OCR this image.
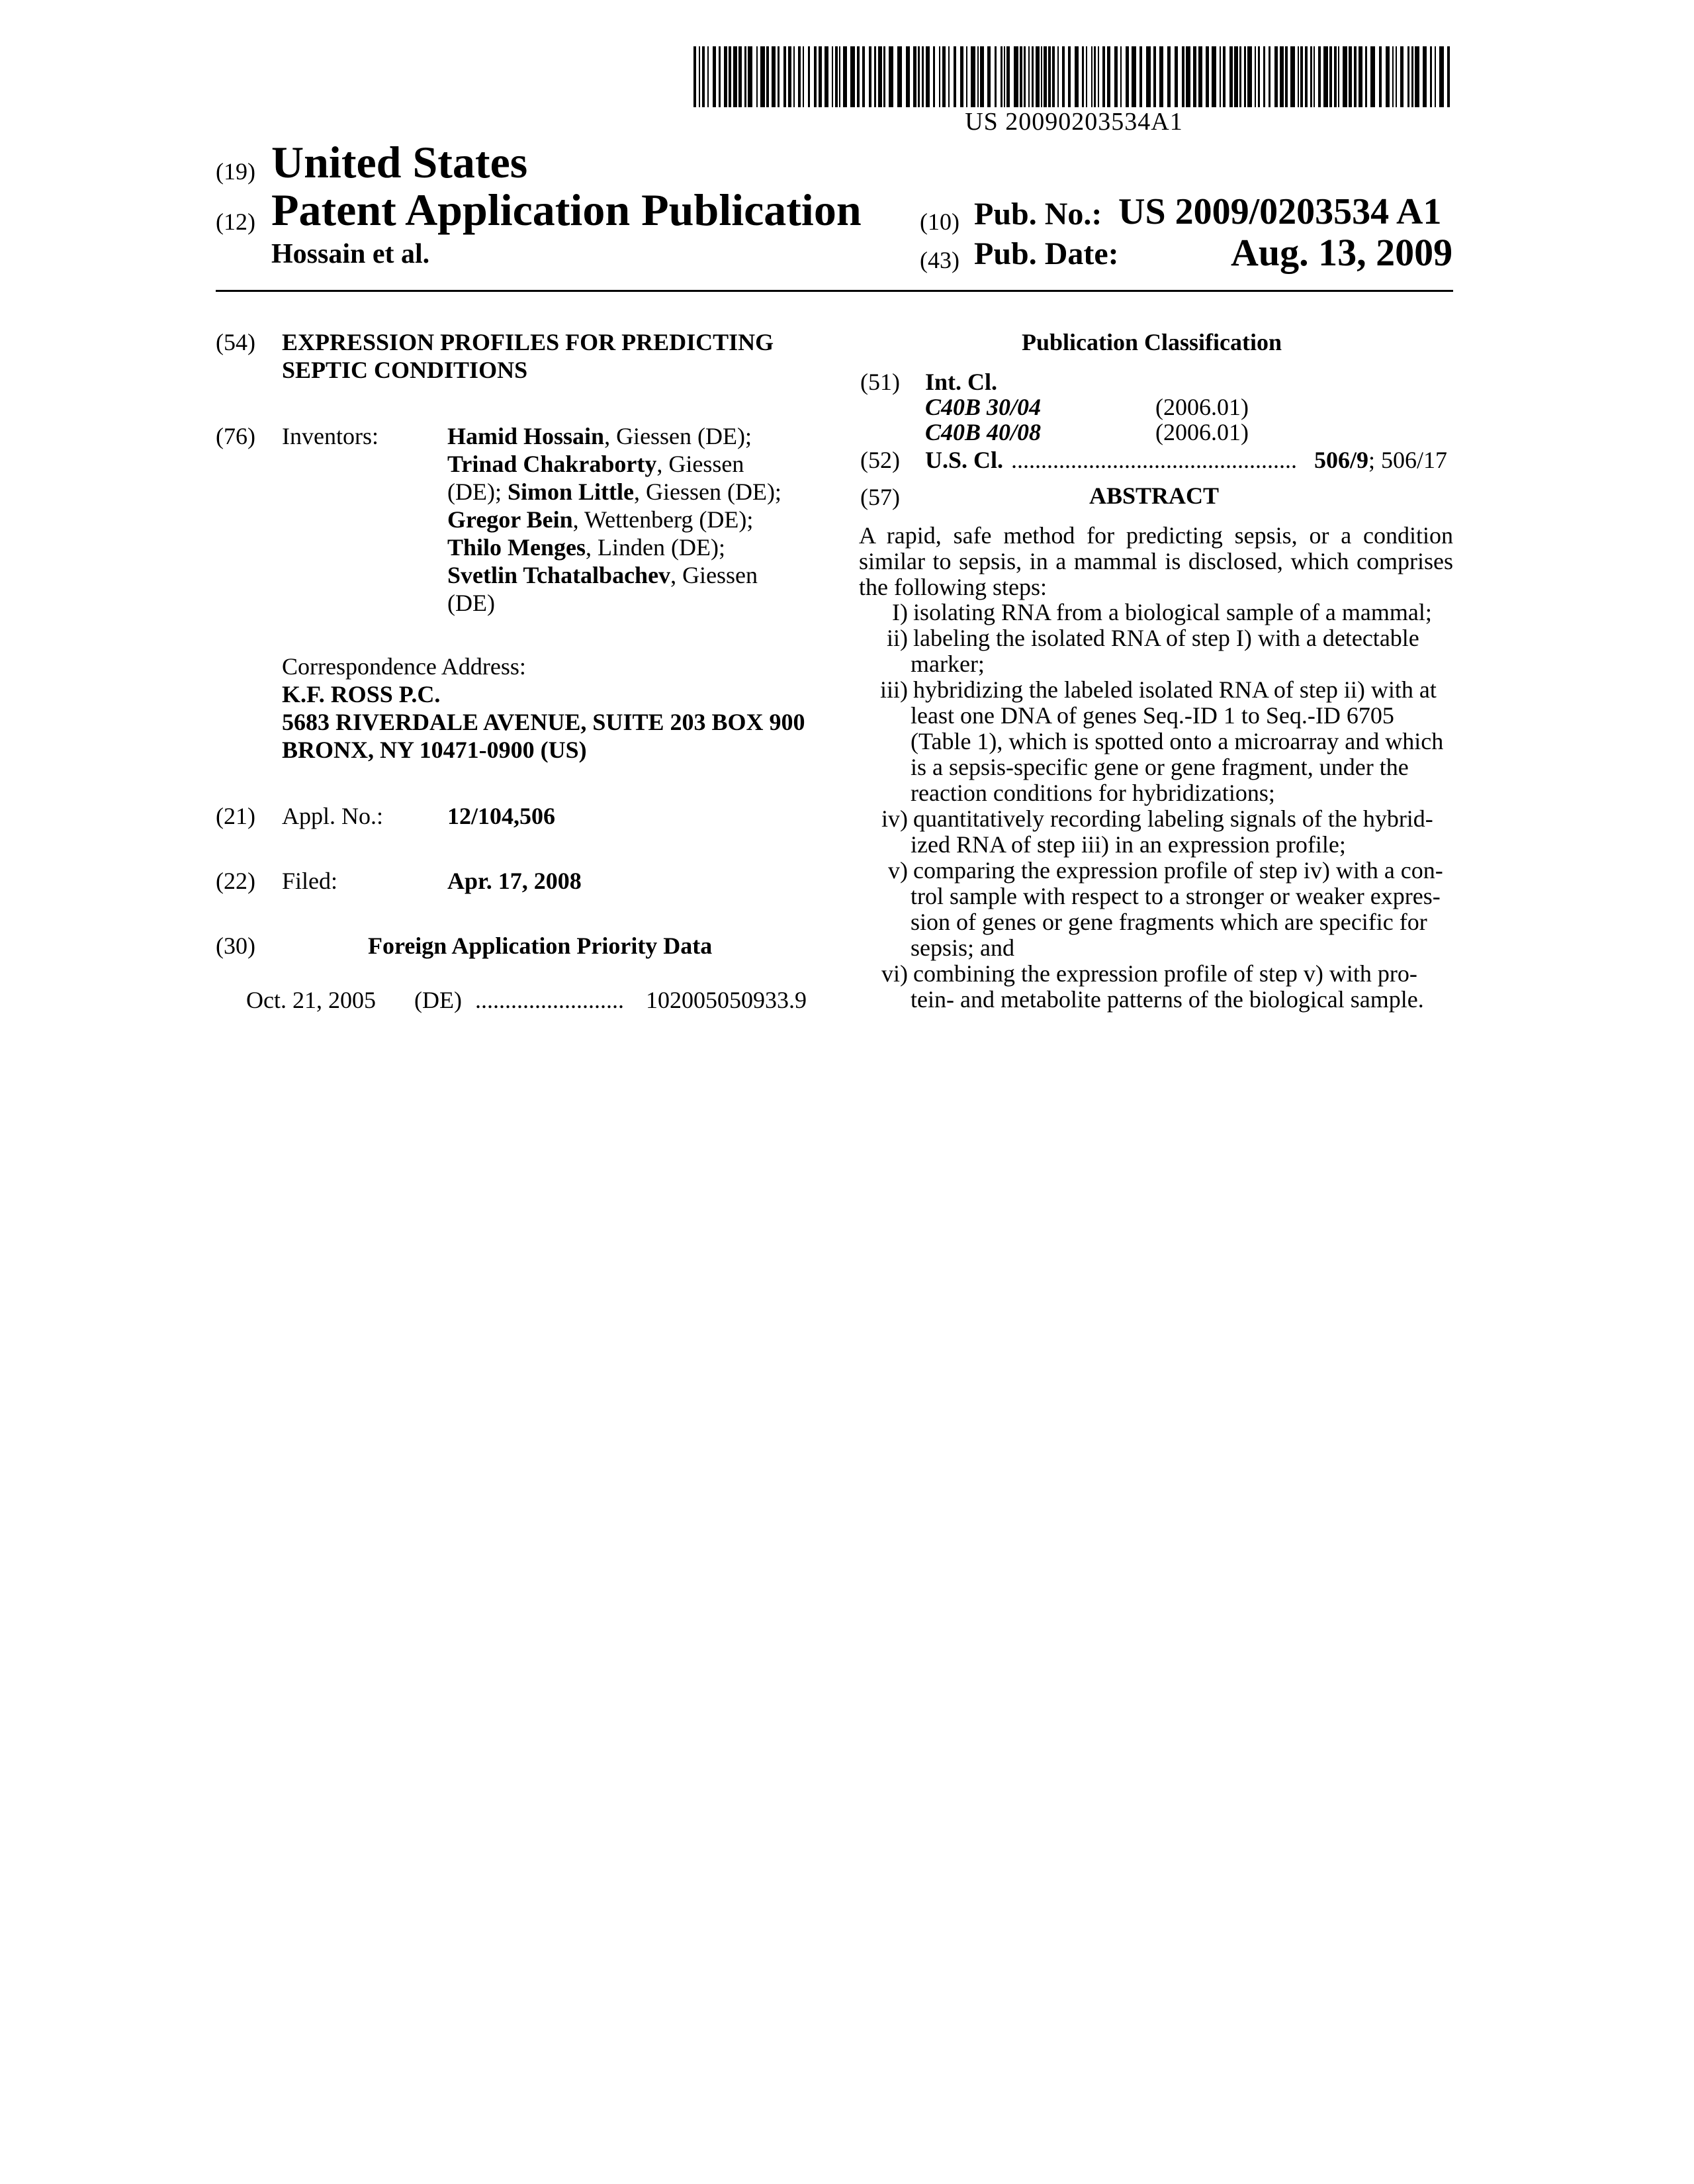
US 20090203534A1
(19) United States
(12) Patent Application Publication
Hossain et al.
(10) Pub. No.: US 2009/0203534 A1
(43) Pub. Date:	Aug. 13, 2009
(54) EXPRESSION PROFILES FOR PREDICTING
SEPTIC CONDITIONS
(76) Inventors:	Hamid Hossain, Giessen (DE);
Trinad Chakraborty, Giessen
(DE); Simon Little, Giessen (DE);
Gregor Bein, Wettenberg (DE);
Thilo Menges, Linden (DE);
Svetlin Tchatalbachev, Giessen
(DE)
Correspondence Address:
K.F. ROSS P.C.
5683 RIVERDALE AVENUE, SUITE 203 BOX 900
BRONX, NY 10471-0900 (US)
(21) Appl. No.:	12/104,506
(22) Filed:	Apr. 17, 2008
(30)	Foreign Application Priority Data
Oct. 21, 2005 (DE) ......................... 102005050933.9
Publication Classification
(51) Int. Cl.
C40B 30/04	(2006.01)
C40B 40/08	(2006.01)
(52) U.S. Cl. ................................................ 506/9; 506/17
(57)	ABSTRACT

A rapid, safe method for predicting sepsis, or a condition similar to sepsis, in a mammal is disclosed, which comprises the following steps:

I) isolating RNA from a biological sample of a mammal;
ii) labeling the isolated RNA of step I) with a detectable
marker;
iii) hybridizing the labeled isolated RNA of step ii) with at
least one DNA of genes Seq.-ID 1 to Seq.-ID 6705
(Table 1), which is spotted onto a microarray and which
is a sepsis-specific gene or gene fragment, under the
reaction conditions for hybridizations;
iv) quantitatively recording labeling signals of the hybrid-
ized RNA of step iii) in an expression profile;
v) comparing the expression profile of step iv) with a con-
trol sample with respect to a stronger or weaker expres-
sion of genes or gene fragments which are specific for
sepsis; and
vi) combining the expression profile of step v) with pro-
tein- and metabolite patterns of the biological sample.
